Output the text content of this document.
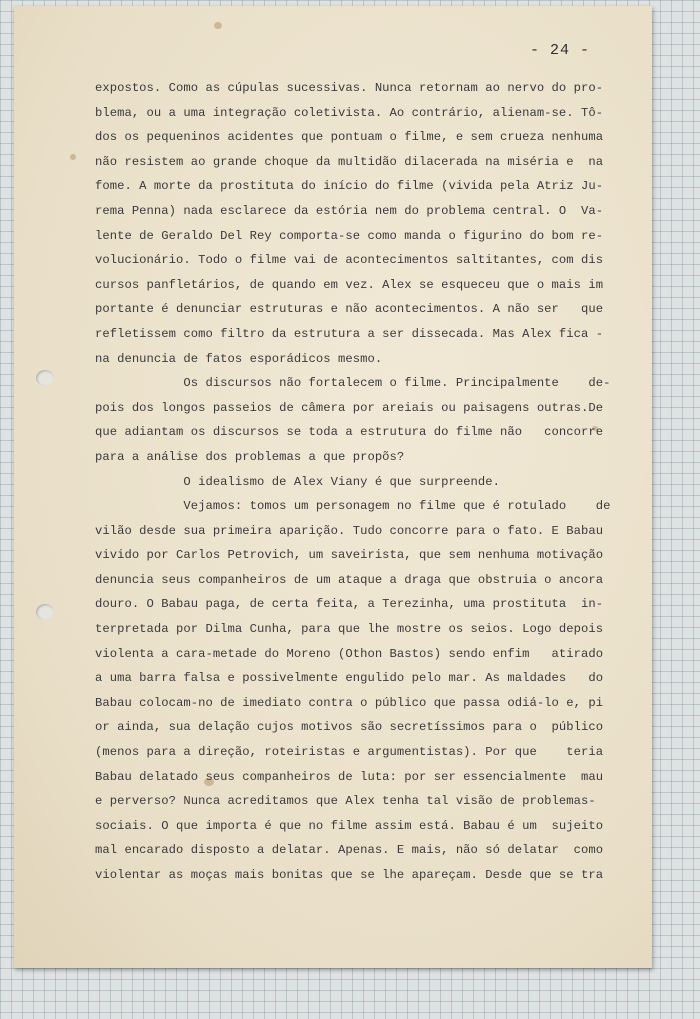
- 24 -
expostos. Como as cúpulas sucessivas. Nunca retornam ao nervo do pro-
blema, ou a uma integração coletivista. Ao contrário, alienam-se. Tô-
dos os pequeninos acidentes que pontuam o filme, e sem crueza nenhuma
não resistem ao grande choque da multidão dilacerada na miséria e  na
fome. A morte da prostituta do início do filme (vivida pela Atriz Ju-
rema Penna) nada esclarece da estória nem do problema central. O  Va-
lente de Geraldo Del Rey comporta-se como manda o figurino do bom re-
volucionário. Todo o filme vai de acontecimentos saltitantes, com dis
cursos panfletários, de quando em vez. Alex se esqueceu que o mais im
portante é denunciar estruturas e não acontecimentos. A não ser   que
refletissem como filtro da estrutura a ser dissecada. Mas Alex fica -
na denuncia de fatos esporádicos mesmo.
Os discursos não fortalecem o filme. Principalmente    de-
pois dos longos passeios de câmera por areiais ou paisagens outras.De
que adiantam os discursos se toda a estrutura do filme não   concorre
para a análise dos problemas a que propõs?
O idealismo de Alex Viany é que surpreende.
Vejamos: tomos um personagem no filme que é rotulado    de
vilão desde sua primeira aparição. Tudo concorre para o fato. E Babau
vivido por Carlos Petrovich, um saveirista, que sem nenhuma motivação
denuncia seus companheiros de um ataque a draga que obstruia o ancora
douro. O Babau paga, de certa feita, a Terezinha, uma prostituta  in-
terpretada por Dilma Cunha, para que lhe mostre os seios. Logo depois
violenta a cara-metade do Moreno (Othon Bastos) sendo enfim   atirado
a uma barra falsa e possivelmente engulido pelo mar. As maldades   do
Babau colocam-no de imediato contra o público que passa odiá-lo e, pi
or ainda, sua delação cujos motivos são secretíssimos para o  público
(menos para a direção, roteiristas e argumentistas). Por que    teria
Babau delatado seus companheiros de luta: por ser essencialmente  mau
e perverso? Nunca acreditamos que Alex tenha tal visão de problemas-
sociais. O que importa é que no filme assim está. Babau é um  sujeito
mal encarado disposto a delatar. Apenas. E mais, não só delatar  como
violentar as moças mais bonitas que se lhe apareçam. Desde que se tra
